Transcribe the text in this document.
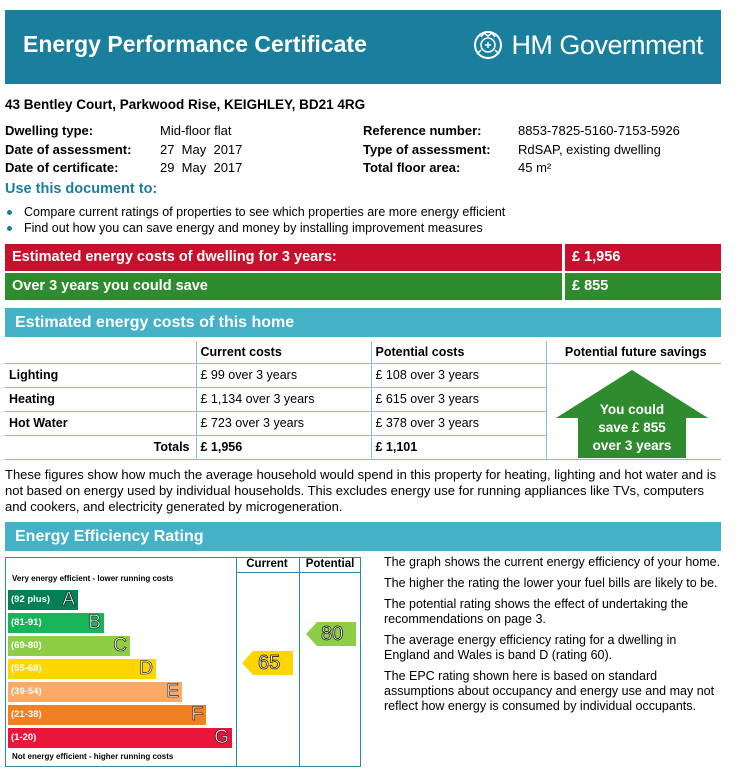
Energy Performance Certificate	HM Government
43 Bentley Court, Parkwood Rise, KEIGHLEY, BD21 4RG
Dwelling type:	Mid-floor flat
Date of assessment: 27  May  2017
Date of certificate:	29  May  2017
Reference number:	8853-7825-5160-7153-5926
Type of assessment: RdSAP, existing dwelling
Total floor area:	45 m²
Use this document to:
Compare current ratings of properties to see which properties are more energy efficient
Find out how you can save energy and money by installing improvement measures
Estimated energy costs of dwelling for 3 years:	£ 1,956
Over 3 years you could save	£ 855
Estimated energy costs of this home
	Current costs	Potential costs	Potential future savings
Lighting	£ 99 over 3 years	£ 108 over 3 years	
Heating	£ 1,134 over 3 years	£ 615 over 3 years	
Hot Water	£ 723 over 3 years	£ 378 over 3 years	
Totals	£ 1,956	£ 1,101	
You could
save £ 855
over 3 years
These figures show how much the average household would spend in this property for heating, lighting and hot water and is not based on energy used by individual households. This excludes energy use for running appliances like TVs, computers and cookers, and electricity generated by microgeneration.
Energy Efficiency Rating
Current	Potential
Very energy efficient - lower running costs
Not energy efficient - higher running costs
(92 plus) A
(81-91) B
(69-80)	C
(55-68)	D
(39-54)	E
(21-38)	F
(1-20)	G
65
80

The graph shows the current energy efficiency of your home.

The higher the rating the lower your fuel bills are likely to be.

The potential rating shows the effect of undertaking the recommendations on page 3.

The average energy efficiency rating for a dwelling in England and Wales is band D (rating 60).

The EPC rating shown here is based on standard assumptions about occupancy and energy use and may not reflect how energy is consumed by individual occupants.
